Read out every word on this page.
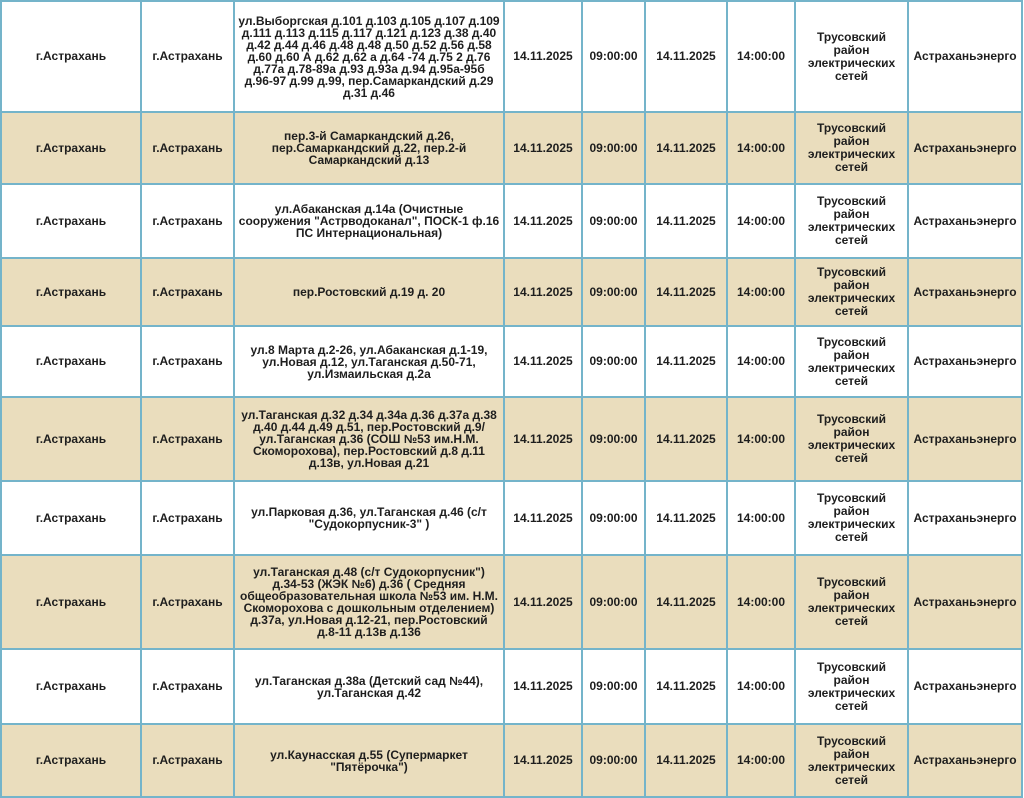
г.Астрахань	г.Астрахань	ул.Выборгская д.101 д.103 д.105 д.107 д.109 д.111 д.113 д.115 д.117 д.121 д.123 д.38 д.40 д.42 д.44 д.46 д.48 д.48 д.50 д.52 д.56 д.58 д.60 д.60 А д.62 д.62 а д.64 -74 д.75 2 д.76 д.77а д.78-89а д.93 д.93а д.94 д.95а-95б д.96-97 д.99 д.99, пер.Самаркандский д.29 д.31 д.46	14.11.2025	09:00:00	14.11.2025	14:00:00	Трусовский район электрических сетей	Астраханьэнерго
г.Астрахань	г.Астрахань	пер.3-й Самаркандский д.26, пер.Самаркандский д.22, пер.2-й Самаркандский д.13	14.11.2025	09:00:00	14.11.2025	14:00:00	Трусовский район электрических сетей	Астраханьэнерго
г.Астрахань	г.Астрахань	ул.Абаканская д.14а (Очистные сооружения "Астрводоканал", ПОСК-1 ф.16 ПС Интернациональная)	14.11.2025	09:00:00	14.11.2025	14:00:00	Трусовский район электрических сетей	Астраханьэнерго
г.Астрахань	г.Астрахань	пер.Ростовский д.19 д. 20	14.11.2025	09:00:00	14.11.2025	14:00:00	Трусовский район электрических сетей	Астраханьэнерго
г.Астрахань	г.Астрахань	ул.8 Марта д.2-26, ул.Абаканская д.1-19, ул.Новая д.12, ул.Таганская д.50-71, ул.Измаильская д.2а	14.11.2025	09:00:00	14.11.2025	14:00:00	Трусовский район электрических сетей	Астраханьэнерго
г.Астрахань	г.Астрахань	ул.Таганская д.32 д.34 д.34а д.36 д.37а д.38 д.40 д.44 д.49 д.51, пер.Ростовский д.9/ ул.Таганская д.36 (СОШ №53 им.Н.М. Скоморохова), пер.Ростовский д.8 д.11 д.13в, ул.Новая д.21	14.11.2025	09:00:00	14.11.2025	14:00:00	Трусовский район электрических сетей	Астраханьэнерго
г.Астрахань	г.Астрахань	ул.Парковая д.36, ул.Таганская д.46 (с/т "Судокорпусник-3" )	14.11.2025	09:00:00	14.11.2025	14:00:00	Трусовский район электрических сетей	Астраханьэнерго
г.Астрахань	г.Астрахань	ул.Таганская д.48 (с/т Судокорпусник") д.34-53 (ЖЭК №6) д.36 ( Средняя общеобразовательная школа №53 им. Н.М. Скоморохова с дошкольным отделением) д.37а, ул.Новая д.12-21, пер.Ростовский д.8-11 д.13в д.136	14.11.2025	09:00:00	14.11.2025	14:00:00	Трусовский район электрических сетей	Астраханьэнерго
г.Астрахань	г.Астрахань	ул.Таганская д.38а (Детский сад №44), ул.Таганская д.42	14.11.2025	09:00:00	14.11.2025	14:00:00	Трусовский район электрических сетей	Астраханьэнерго
г.Астрахань	г.Астрахань	ул.Каунасская д.55 (Супермаркет "Пятёрочка")	14.11.2025	09:00:00	14.11.2025	14:00:00	Трусовский район электрических сетей	Астраханьэнерго
